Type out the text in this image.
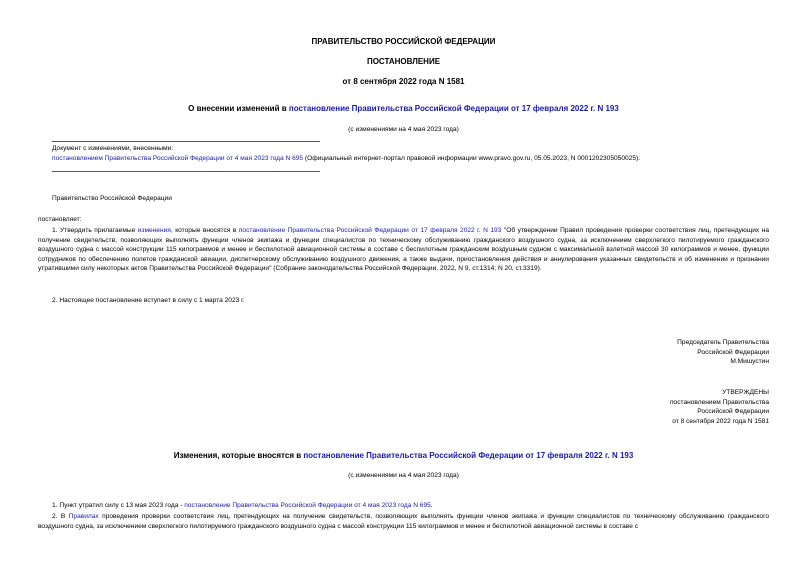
ПРАВИТЕЛЬСТВО РОССИЙСКОЙ ФЕДЕРАЦИИ
ПОСТАНОВЛЕНИЕ
от 8 сентября 2022 года N 1581
О внесении изменений в постановление Правительства Российской Федерации от 17 февраля 2022 г. N 193
(с изменениями на 4 мая 2023 года)
Документ с изменениями, внесенными:
постановлением Правительства Российской Федерации от 4 мая 2023 года N 695 (Официальный интернет-портал правовой информации www.pravo.gov.ru, 05.05.2023, N 0001202305050025).
Правительство Российской Федерации
постановляет:
1. Утвердить прилагаемые изменения, которые вносятся в постановление Правительства Российской Федерации от 17 февраля 2022 г. N 193 "Об утверждении Правил проведения проверки соответствия лиц, претендующих на получение свидетельств, позволяющих выполнять функции членов экипажа и функции специалистов по техническому обслуживанию гражданского воздушного судна, за исключением сверхлегкого пилотируемого гражданского воздушного судна с массой конструкции 115 килограммов и менее и беспилотной авиационной системы в составе с беспилотным гражданским воздушным судном с максимальной взлетной массой 30 килограммов и менее, функции сотрудников по обеспечению полетов гражданской авиации, диспетчерскому обслуживанию воздушного движения, а также выдачи, приостановления действия и аннулирования указанных свидетельств и об изменении и признании утратившими силу некоторых актов Правительства Российской Федерации" (Собрание законодательства Российской Федерации, 2022, N 9, ст.1314; N 20, ст.3319).
2. Настоящее постановление вступает в силу с 1 марта 2023 г.
Председатель Правительства
Российской Федерации
М.Мишустин
УТВЕРЖДЕНЫ
постановлением Правительства
Российской Федерации
от 8 сентября 2022 года N 1581
Изменения, которые вносятся в постановление Правительства Российской Федерации от 17 февраля 2022 г. N 193
(с изменениями на 4 мая 2023 года)
1. Пункт утратил силу с 13 мая 2023 года - постановление Правительства Российской Федерации от 4 мая 2023 года N 695.
2. В Правилах проведения проверки соответствия лиц, претендующих на получение свидетельств, позволяющих выполнять функции членов экипажа и функции специалистов по техническому обслуживанию гражданского воздушного судна, за исключением сверхлегкого пилотируемого гражданского воздушного судна с массой конструкции 115 килограммов и менее и беспилотной авиационной системы в составе с
